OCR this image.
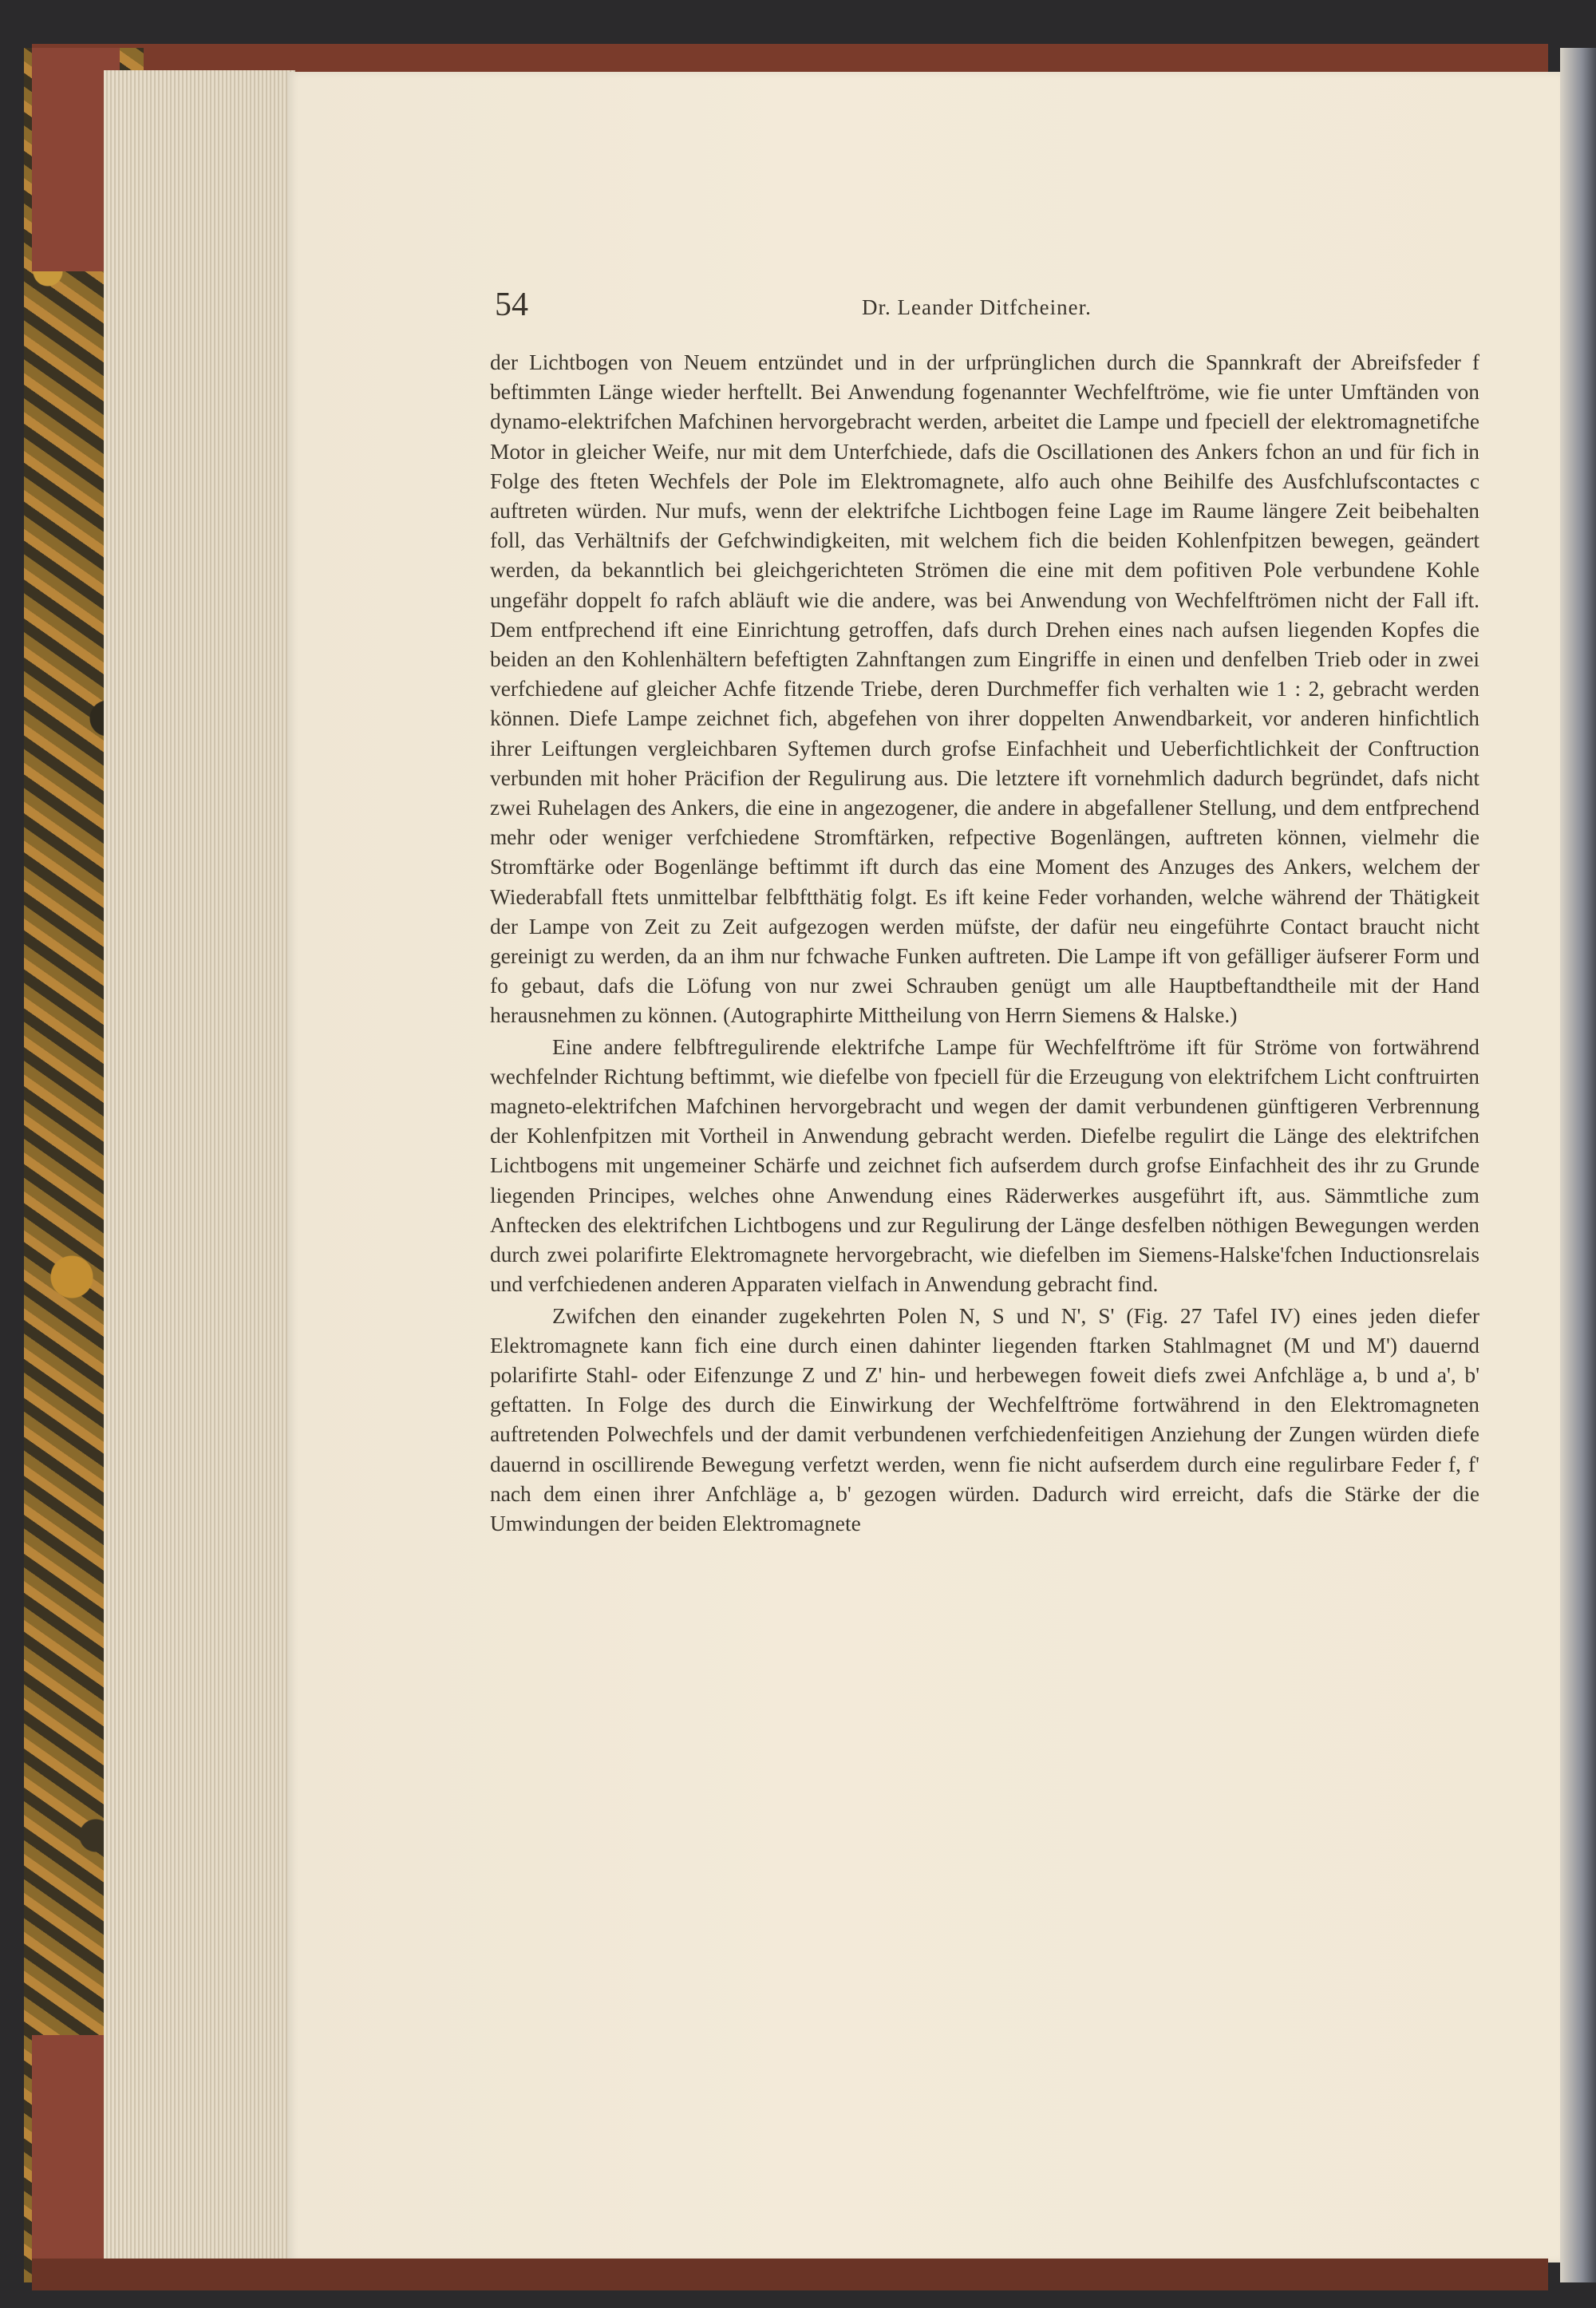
54	Dr. Leander Ditfcheiner.

der Lichtbogen von Neuem entzündet und in der urfprünglichen durch die Spannkraft der Abreifsfeder f beftimmten Länge wieder herftellt. Bei Anwendung fogenannter Wechfelftröme, wie fie unter Umftänden von dynamo-elektrifchen Mafchinen hervorgebracht werden, arbeitet die Lampe und fpeciell der elektromagnetifche Motor in gleicher Weife, nur mit dem Unterfchiede, dafs die Oscillationen des Ankers fchon an und für fich in Folge des fteten Wechfels der Pole im Elektromagnete, alfo auch ohne Beihilfe des Ausfchlufscontactes c auftreten würden. Nur mufs, wenn der elektrifche Lichtbogen feine Lage im Raume längere Zeit beibehalten foll, das Verhältnifs der Gefchwindigkeiten, mit welchem fich die beiden Kohlenfpitzen bewegen, geändert werden, da bekanntlich bei gleichgerichteten Strömen die eine mit dem pofitiven Pole verbundene Kohle ungefähr doppelt fo rafch abläuft wie die andere, was bei Anwendung von Wechfelftrömen nicht der Fall ift. Dem entfprechend ift eine Einrichtung getroffen, dafs durch Drehen eines nach aufsen liegenden Kopfes die beiden an den Kohlenhältern befeftigten Zahnftangen zum Eingriffe in einen und denfelben Trieb oder in zwei verfchiedene auf gleicher Achfe fitzende Triebe, deren Durchmeffer fich verhalten wie 1 : 2, gebracht werden können. Diefe Lampe zeichnet fich, abgefehen von ihrer doppelten Anwendbarkeit, vor anderen hinfichtlich ihrer Leiftungen vergleichbaren Syftemen durch grofse Einfachheit und Ueberfichtlichkeit der Conftruction verbunden mit hoher Präcifion der Regulirung aus. Die letztere ift vornehmlich dadurch begründet, dafs nicht zwei Ruhelagen des Ankers, die eine in angezogener, die andere in abgefallener Stellung, und dem entfprechend mehr oder weniger verfchiedene Stromftärken, refpective Bogenlängen, auftreten können, vielmehr die Stromftärke oder Bogenlänge beftimmt ift durch das eine Moment des Anzuges des Ankers, welchem der Wiederabfall ftets unmittelbar felbftthätig folgt. Es ift keine Feder vorhanden, welche während der Thätigkeit der Lampe von Zeit zu Zeit aufgezogen werden müfste, der dafür neu eingeführte Contact braucht nicht gereinigt zu werden, da an ihm nur fchwache Funken auftreten. Die Lampe ift von gefälliger äufserer Form und fo gebaut, dafs die Löfung von nur zwei Schrauben genügt um alle Hauptbeftandtheile mit der Hand herausnehmen zu können. (Autographirte Mittheilung von Herrn Siemens & Halske.)

Eine andere felbftregulirende elektrifche Lampe für Wechfelftröme ift für Ströme von fortwährend wechfelnder Richtung beftimmt, wie diefelbe von fpeciell für die Erzeugung von elektrifchem Licht conftruirten magneto-elektrifchen Mafchinen hervorgebracht und wegen der damit verbundenen günftigeren Verbrennung der Kohlenfpitzen mit Vortheil in Anwendung gebracht werden. Diefelbe regulirt die Länge des elektrifchen Lichtbogens mit ungemeiner Schärfe und zeichnet fich aufserdem durch grofse Einfachheit des ihr zu Grunde liegenden Principes, welches ohne Anwendung eines Räderwerkes ausgeführt ift, aus. Sämmtliche zum Anftecken des elektrifchen Lichtbogens und zur Regulirung der Länge desfelben nöthigen Bewegungen werden durch zwei polarifirte Elektromagnete hervorgebracht, wie diefelben im Siemens-Halske'fchen Inductionsrelais und verfchiedenen anderen Apparaten vielfach in Anwendung gebracht find.

Zwifchen den einander zugekehrten Polen N, S und N', S' (Fig. 27 Tafel IV) eines jeden diefer Elektromagnete kann fich eine durch einen dahinter liegenden ftarken Stahlmagnet (M und M') dauernd polarifirte Stahl- oder Eifenzunge Z und Z' hin- und herbewegen foweit diefs zwei Anfchläge a, b und a', b' geftatten. In Folge des durch die Einwirkung der Wechfelftröme fortwährend in den Elektromagneten auftretenden Polwechfels und der damit verbundenen verfchiedenfeitigen Anziehung der Zungen würden diefe dauernd in oscillirende Bewegung verfetzt werden, wenn fie nicht aufserdem durch eine regulirbare Feder f, f' nach dem einen ihrer Anfchläge a, b' gezogen würden. Dadurch wird erreicht, dafs die Stärke der die Umwindungen der beiden Elektromagnete
